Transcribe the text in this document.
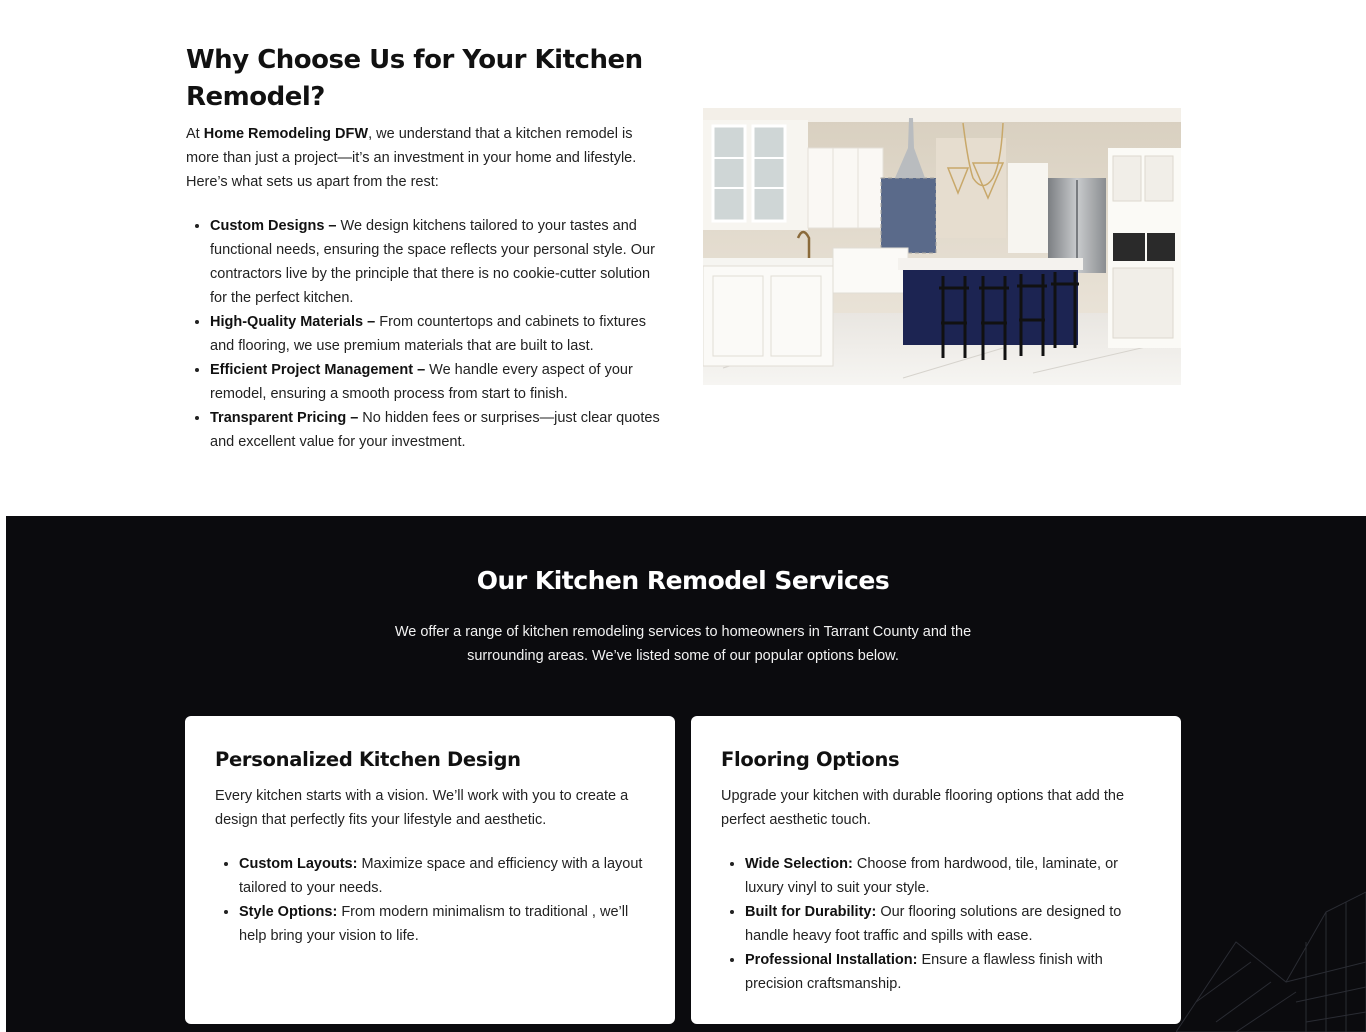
Why Choose Us for Your Kitchen Remodel?

At Home Remodeling DFW, we understand that a kitchen remodel is more than just a project—it’s an investment in your home and lifestyle. Here’s what sets us apart from the rest:

• Custom Designs – We design kitchens tailored to your tastes and functional needs, ensuring the space reflects your personal style. Our contractors live by the principle that there is no cookie-cutter solution for the perfect kitchen.
• High-Quality Materials – From countertops and cabinets to fixtures and flooring, we use premium materials that are built to last.
• Efficient Project Management – We handle every aspect of your remodel, ensuring a smooth process from start to finish.
• Transparent Pricing – No hidden fees or surprises—just clear quotes and excellent value for your investment.
Our Kitchen Remodel Services

We offer a range of kitchen remodeling services to homeowners in Tarrant County and the surrounding areas. We’ve listed some of our popular options below.

Personalized Kitchen Design

Every kitchen starts with a vision. We’ll work with you to create a design that perfectly fits your lifestyle and aesthetic.

• Custom Layouts: Maximize space and efficiency with a layout tailored to your needs.
• Style Options: From modern minimalism to traditional , we’ll help bring your vision to life.
Flooring Options

Upgrade your kitchen with durable flooring options that add the perfect aesthetic touch.

• Wide Selection: Choose from hardwood, tile, laminate, or luxury vinyl to suit your style.
• Built for Durability: Our flooring solutions are designed to handle heavy foot traffic and spills with ease.
• Professional Installation: Ensure a flawless finish with precision craftsmanship.
